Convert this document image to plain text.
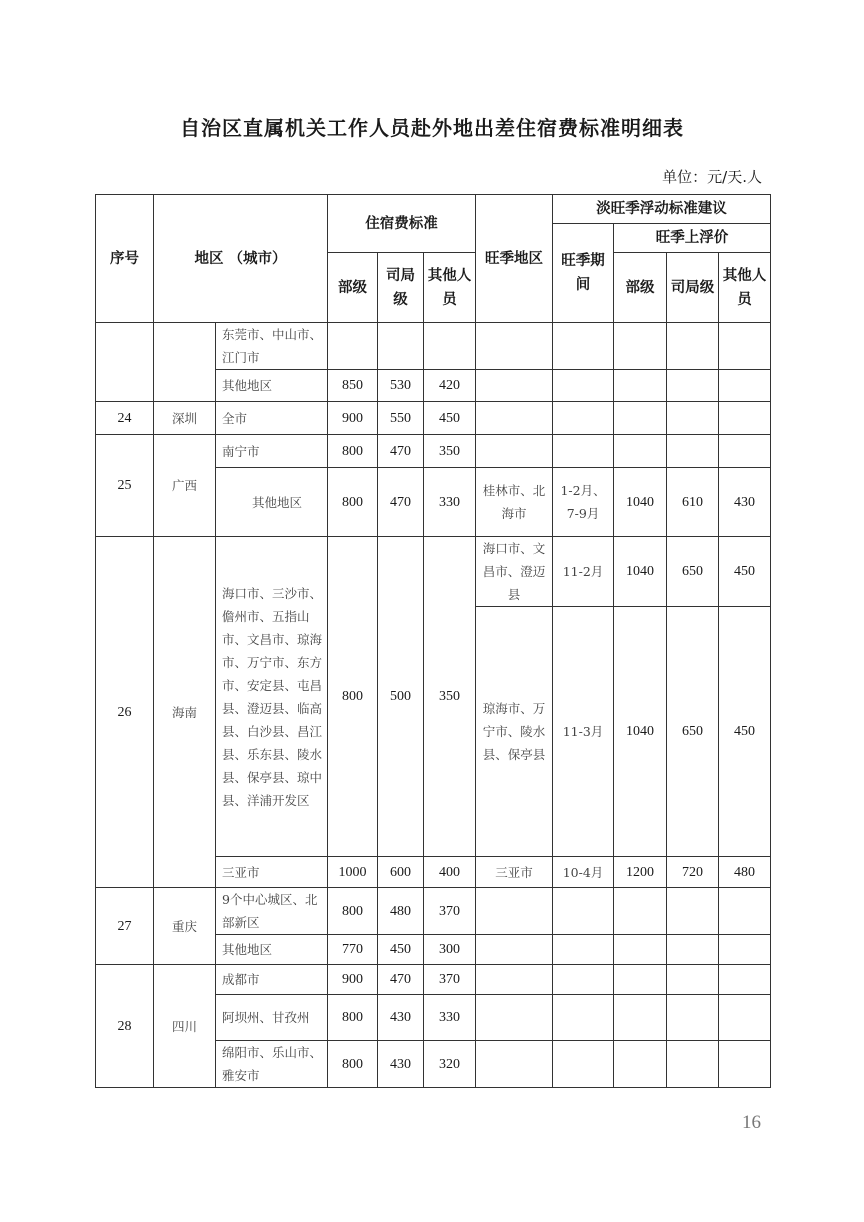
自治区直属机关工作人员赴外地出差住宿费标准明细表
单位：元/天.人
序号	地区 （城市）		住宿费标准			旺季地区	淡旺季浮动标准建议			
							旺季期间	旺季上浮价		
			部级	司局级	其他人员			部级	司局级	其他人员
		东莞市、中山市、江门市								
		其他地区	850	530	420					
24	深圳	全市	900	550	450					
25	广西	南宁市	800	470	350					
		其他地区	800	470	330	桂林市、北海市	1-2月、7-9月	1040	610	430
26	海南	海口市、三沙市、儋州市、五指山市、文昌市、琼海市、万宁市、东方市、安定县、屯昌县、澄迈县、临高县、白沙县、昌江县、乐东县、陵水县、保亭县、琼中县、洋浦开发区	800	500	350	海口市、文昌市、澄迈县	11-2月	1040	650	450
						琼海市、万宁市、陵水县、保亭县	11-3月	1040	650	450
		三亚市	1000	600	400	三亚市	10-4月	1200	720	480
27	重庆	9个中心城区、北部新区	800	480	370					
		其他地区	770	450	300					
28	四川	成都市	900	470	370					
		阿坝州、甘孜州	800	430	330					
		绵阳市、乐山市、雅安市	800	430	320					
16
